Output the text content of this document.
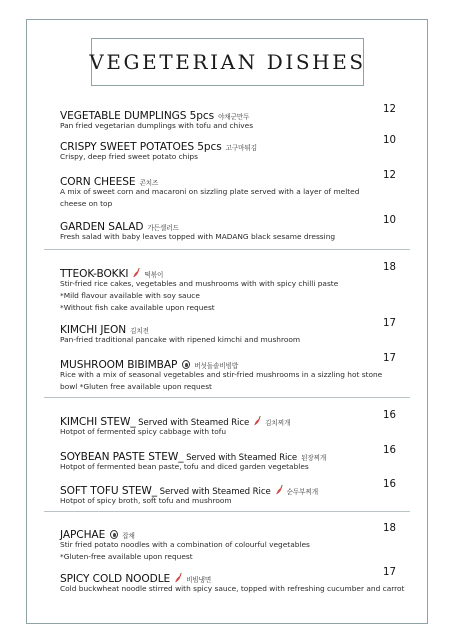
VEGETERIAN DISHES
VEGETABLE DUMPLINGS 5pcs 야채군만두
12
Pan fried vegetarian dumplings with tofu and chives
CRISPY SWEET POTATOES 5pcs 고구마튀김
10
Crispy, deep fried sweet potato chips
CORN CHEESE 콘치즈
12
A mix of sweet corn and macaroni on sizzling plate served with a layer of melted
cheese on top
GARDEN SALAD 가든샐러드
10
Fresh salad with baby leaves topped with MADANG black sesame dressing
TTEOK-BOKKI 떡볶이
18
Stir-fried rice cakes, vegetables and mushrooms with with spicy chilli paste
*Mild flavour available with soy sauce
*Without fish cake available upon request
KIMCHI JEON 김치전
17
Pan-fried traditional pancake with ripened kimchi and mushroom
MUSHROOM BIBIMBAP	버섯돌솥비빔밥
17
Rice with a mix of seasonal vegetables and stir-fried mushrooms in a sizzling hot stone
bowl *Gluten free available upon request
KIMCHI STEW_ Served with Steamed Rice 김치찌개
16
Hotpot of fermented spicy cabbage with tofu
SOYBEAN PASTE STEW_ Served with Steamed Rice 된장찌개
16
Hotpot of fermented bean paste, tofu and diced garden vegetables
SOFT TOFU STEW_ Served with Steamed Rice 순두부찌개
16
Hotpot of spicy broth, soft tofu and mushroom
JAPCHAE	잡채
18
Stir fried potato noodles with a combination of colourful vegetables
*Gluten-free available upon request
SPICY COLD NOODLE 비빔냉면
17
Cold buckwheat noodle stirred with spicy sauce, topped with refreshing cucumber and carrot
